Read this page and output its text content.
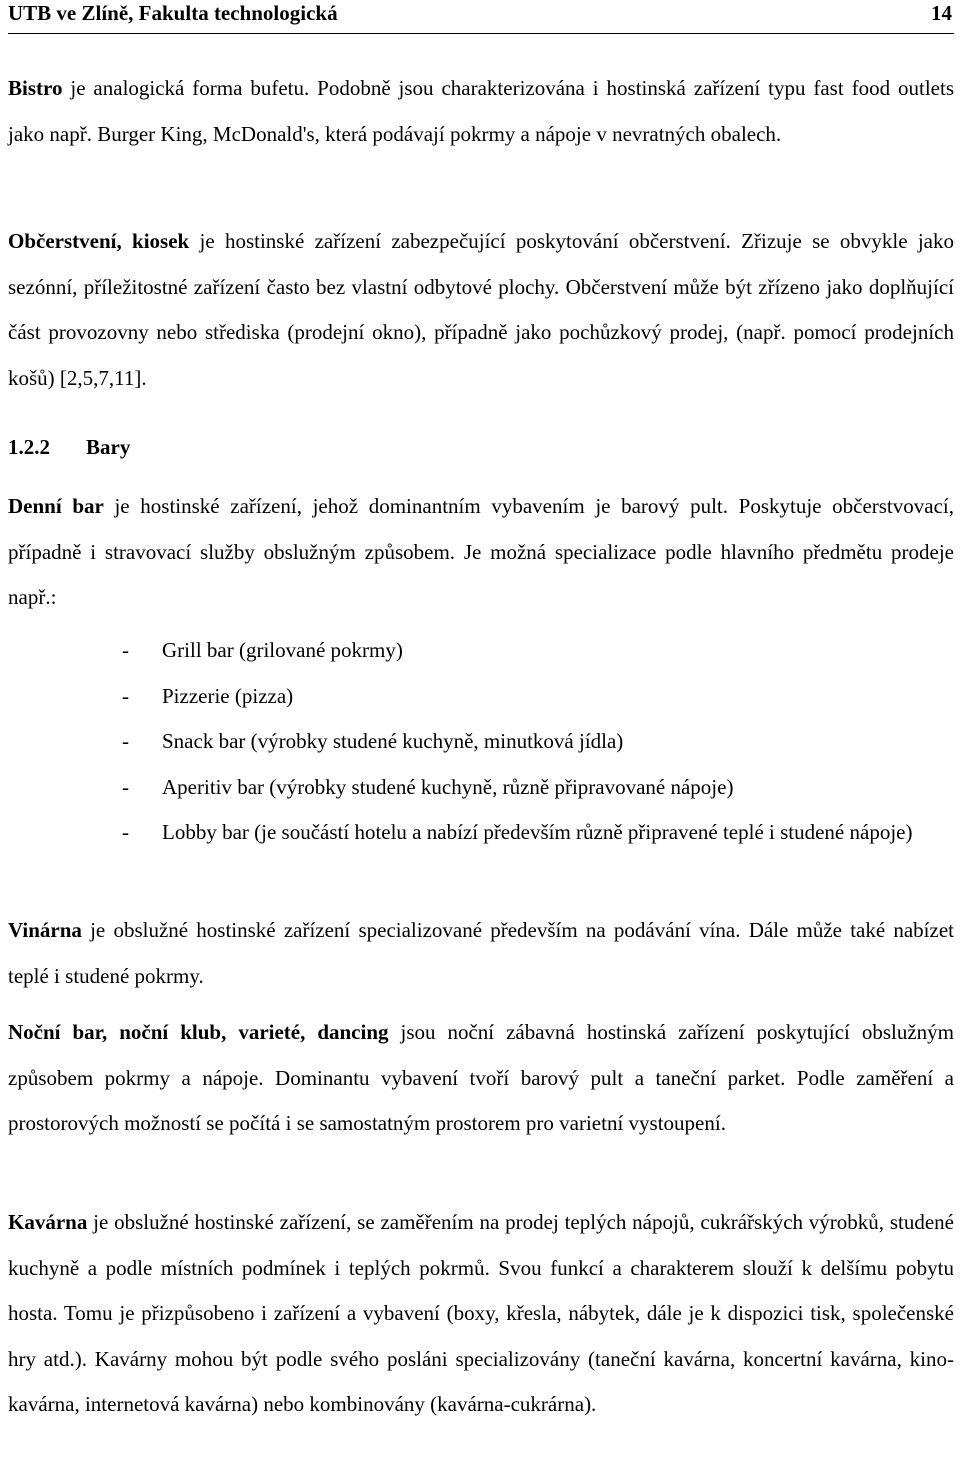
UTB ve Zlíně, Fakulta technologická	14

Bistro je analogická forma bufetu. Podobně jsou charakterizována i hostinská zařízení typu fast food outlets jako např. Burger King, McDonald's, která podávají pokrmy a nápoje v nevratných obalech.

Občerstvení, kiosek je hostinské zařízení zabezpečující poskytování občerstvení. Zřizuje se obvykle jako sezónní, příležitostné zařízení často bez vlastní odbytové plochy. Občerstvení může být zřízeno jako doplňující část provozovny nebo střediska (prodejní okno), případně jako pochůzkový prodej, (např. pomocí prodejních košů) [2,5,7,11].

1.2.2 Bary

Denní bar je hostinské zařízení, jehož dominantním vybavením je barový pult. Poskytuje občerstvovací, případně i stravovací služby obslužným způsobem. Je možná specializace podle hlavního předmětu prodeje např.:

- Grill bar (grilované pokrmy)
- Pizzerie (pizza)
- Snack bar (výrobky studené kuchyně, minutková jídla)
- Aperitiv bar (výrobky studené kuchyně, různě připravované nápoje)
- Lobby bar (je součástí hotelu a nabízí především různě připravené teplé i studené nápoje)

Vinárna je obslužné hostinské zařízení specializované především na podávání vína. Dále může také nabízet teplé i studené pokrmy.

Noční bar, noční klub, varieté, dancing jsou noční zábavná hostinská zařízení poskytující obslužným způsobem pokrmy a nápoje. Dominantu vybavení tvoří barový pult a taneční parket. Podle zaměření a prostorových možností se počítá i se samostatným prostorem pro varietní vystoupení.

Kavárna je obslužné hostinské zařízení, se zaměřením na prodej teplých nápojů, cukrářských výrobků, studené kuchyně a podle místních podmínek i teplých pokrmů. Svou funkcí a charakterem slouží k delšímu pobytu hosta. Tomu je přizpůsobeno i zařízení a vybavení (boxy, křesla, nábytek, dále je k dispozici tisk, společenské hry atd.). Kavárny mohou být podle svého posláni specializovány (taneční kavárna, koncertní kavárna, kino-kavárna, internetová kavárna) nebo kombinovány (kavárna-cukrárna).
